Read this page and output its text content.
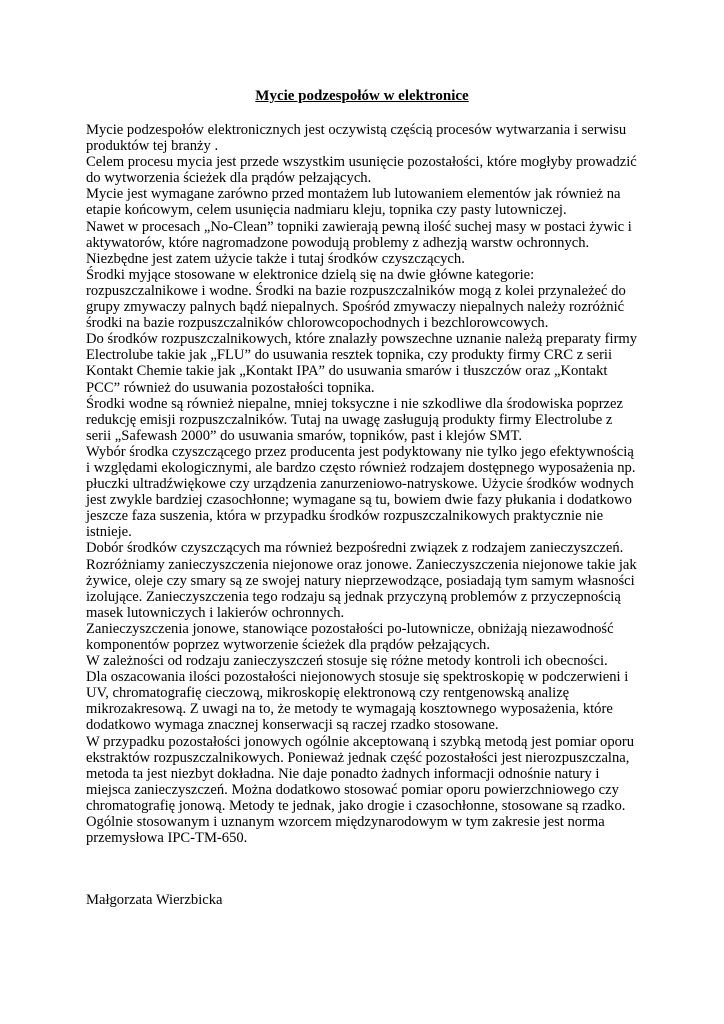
Mycie podzespołów w elektronice

Mycie podzespołów elektronicznych jest oczywistą częścią procesów wytwarzania i serwisu
produktów tej branży .

Celem procesu mycia jest przede wszystkim usunięcie pozostałości, które mogłyby prowadzić
do wytworzenia ścieżek dla prądów pełzających.

Mycie jest wymagane zarówno przed montażem lub lutowaniem elementów jak również na
etapie końcowym, celem usunięcia nadmiaru kleju, topnika czy pasty lutowniczej.

Nawet w procesach „No-Clean” topniki zawierają pewną ilość suchej masy w postaci żywic i
aktywatorów, które nagromadzone powodują problemy z adhezją warstw ochronnych.
Niezbędne jest zatem użycie także i tutaj środków czyszczących.

Środki myjące stosowane w elektronice dzielą się na dwie główne kategorie:
rozpuszczalnikowe i wodne. Środki na bazie rozpuszczalników mogą z kolei przynależeć do
grupy zmywaczy palnych bądź niepalnych. Spośród zmywaczy niepalnych należy rozróżnić
środki na bazie rozpuszczalników chlorowcopochodnych i bezchlorowcowych.

Do środków rozpuszczalnikowych, które znalazły powszechne uznanie należą preparaty firmy
Electrolube takie jak „FLU” do usuwania resztek topnika, czy produkty firmy CRC z serii
Kontakt Chemie takie jak „Kontakt IPA” do usuwania smarów i tłuszczów oraz „Kontakt
PCC” również do usuwania pozostałości topnika.

Środki wodne są również niepalne, mniej toksyczne i nie szkodliwe dla środowiska poprzez
redukcję emisji rozpuszczalników. Tutaj na uwagę zasługują produkty firmy Electrolube z
serii „Safewash 2000” do usuwania smarów, topników, past i klejów SMT.

Wybór środka czyszczącego przez producenta jest podyktowany nie tylko jego efektywnością
i względami ekologicznymi, ale bardzo często również rodzajem dostępnego wyposażenia np.
płuczki ultradźwiękowe czy urządzenia zanurzeniowo-natryskowe. Użycie środków wodnych
jest zwykle bardziej czasochłonne; wymagane są tu, bowiem dwie fazy płukania i dodatkowo
jeszcze faza suszenia, która w przypadku środków rozpuszczalnikowych praktycznie nie
istnieje.

Dobór środków czyszczących ma również bezpośredni związek z rodzajem zanieczyszczeń.
Rozróżniamy zanieczyszczenia niejonowe oraz jonowe. Zanieczyszczenia niejonowe takie jak
żywice, oleje czy smary są ze swojej natury nieprzewodzące, posiadają tym samym własności
izolujące. Zanieczyszczenia tego rodzaju są jednak przyczyną problemów z przyczepnością
masek lutowniczych i lakierów ochronnych.

Zanieczyszczenia jonowe, stanowiące pozostałości po-lutownicze, obniżają niezawodność
komponentów poprzez wytworzenie ścieżek dla prądów pełzających.

W zależności od rodzaju zanieczyszczeń stosuje się różne metody kontroli ich obecności.

Dla oszacowania ilości pozostałości niejonowych stosuje się spektroskopię w podczerwieni i
UV, chromatografię cieczową, mikroskopię elektronową czy rentgenowską analizę
mikrozakresową. Z uwagi na to, że metody te wymagają kosztownego wyposażenia, które
dodatkowo wymaga znacznej konserwacji są raczej rzadko stosowane.

W przypadku pozostałości jonowych ogólnie akceptowaną i szybką metodą jest pomiar oporu
ekstraktów rozpuszczalnikowych. Ponieważ jednak część pozostałości jest nierozpuszczalna,
metoda ta jest niezbyt dokładna. Nie daje ponadto żadnych informacji odnośnie natury i
miejsca zanieczyszczeń. Można dodatkowo stosować pomiar oporu powierzchniowego czy
chromatografię jonową. Metody te jednak, jako drogie i czasochłonne, stosowane są rzadko.
Ogólnie stosowanym i uznanym wzorcem międzynarodowym w tym zakresie jest norma
przemysłowa IPC-TM-650.

Małgorzata Wierzbicka
